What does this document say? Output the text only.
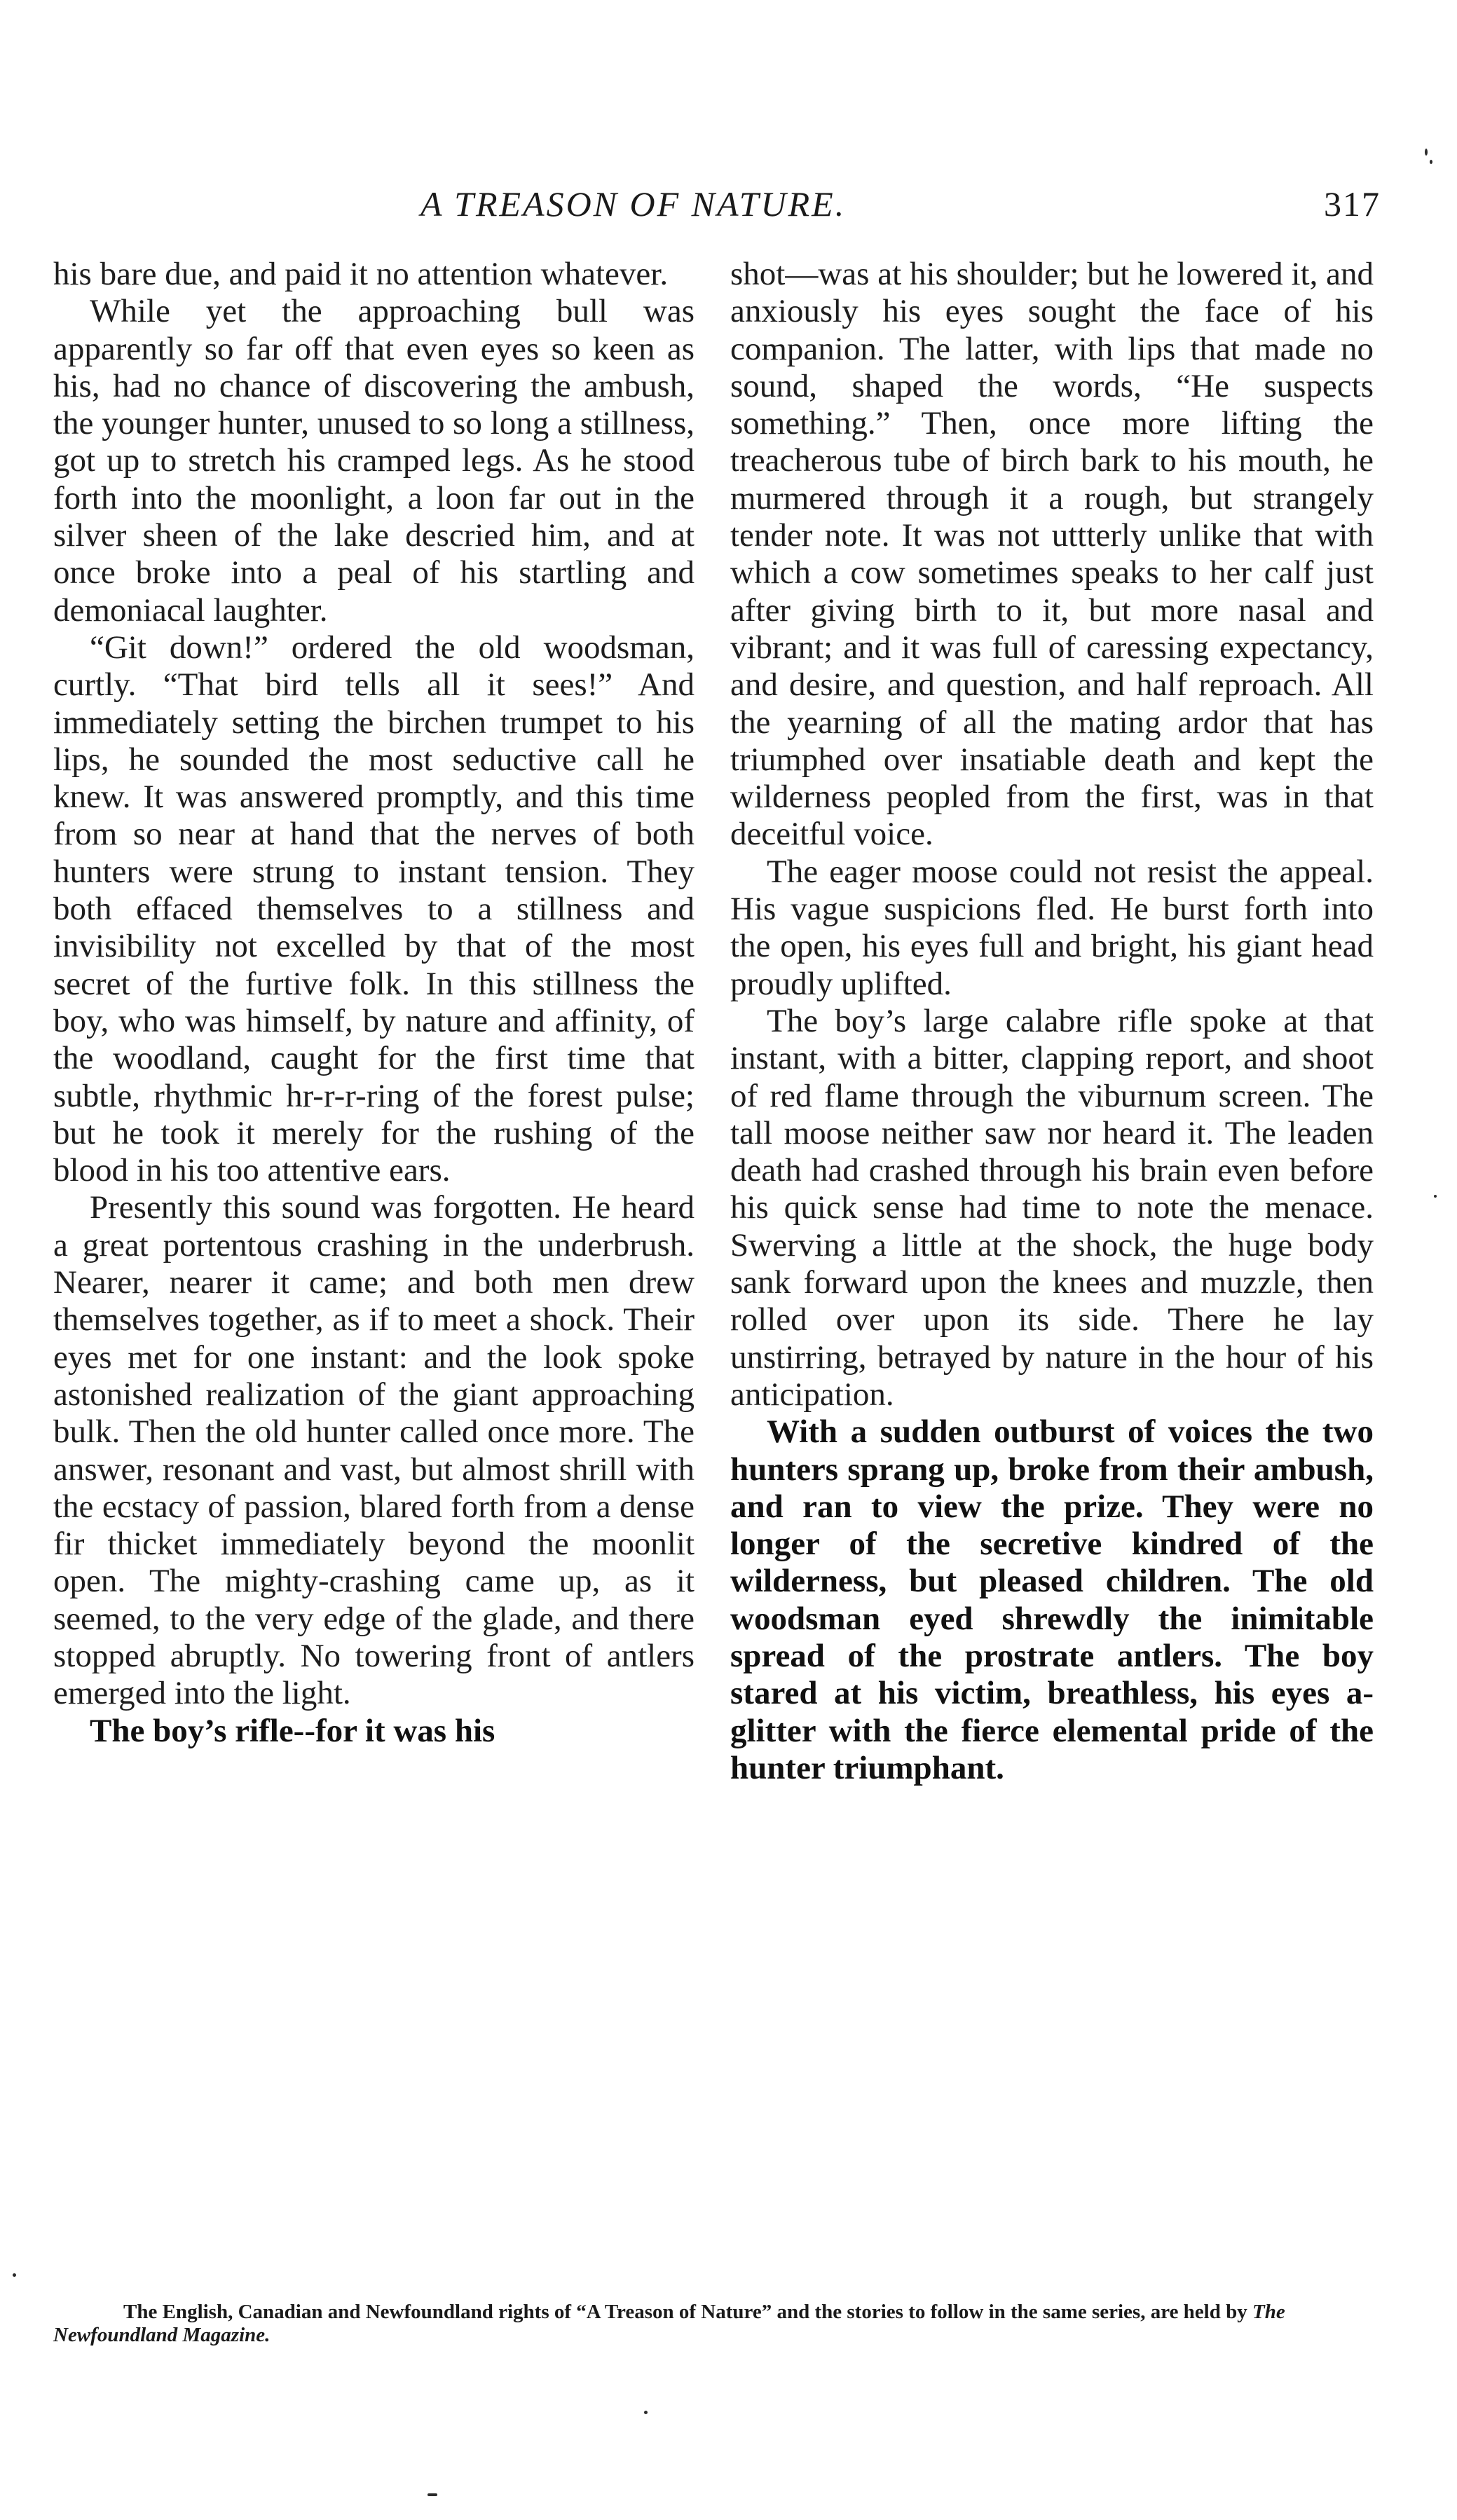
A TREASON OF NATURE.	317

his bare due, and paid it no attention whatever.

While yet the approaching bull was apparently so far off that even eyes so keen as his, had no chance of discovering the ambush, the younger hunter, unused to so long a stillness, got up to stretch his cramped legs. As he stood forth into the moonlight, a loon far out in the silver sheen of the lake descried him, and at once broke into a peal of his startling and demoniacal laughter.

“Git down!” ordered the old woodsman, curtly. “That bird tells all it sees!” And immediately setting the birchen trumpet to his lips, he sounded the most seductive call he knew. It was answered promptly, and this time from so near at hand that the nerves of both hunters were strung to instant tension. They both effaced themselves to a stillness and invisibility not excelled by that of the most secret of the furtive folk. In this stillness the boy, who was himself, by nature and affinity, of the woodland, caught for the first time that subtle, rhythmic hr-r-r-ring of the forest pulse; but he took it merely for the rushing of the blood in his too attentive ears.

Presently this sound was forgotten. He heard a great portentous crashing in the underbrush. Nearer, nearer it came; and both men drew themselves together, as if to meet a shock. Their eyes met for one instant: and the look spoke astonished realization of the giant approaching bulk. Then the old hunter called once more. The answer, resonant and vast, but almost shrill with the ecstacy of passion, blared forth from a dense fir thicket immediately beyond the moonlit open. The mighty-crashing came up, as it seemed, to the very edge of the glade, and there stopped abruptly. No towering front of antlers emerged into the light.

The boy’s rifle--for it was his

shot—was at his shoulder; but he lowered it, and anxiously his eyes sought the face of his companion. The latter, with lips that made no sound, shaped the words, “He suspects something.” Then, once more lifting the treacherous tube of birch bark to his mouth, he murmered through it a rough, but strangely tender note. It was not uttterly unlike that with which a cow sometimes speaks to her calf just after giving birth to it, but more nasal and vibrant; and it was full of caressing expectancy, and desire, and question, and half reproach. All the yearning of all the mating ardor that has triumphed over insatiable death and kept the wilderness peopled from the first, was in that deceitful voice.

The eager moose could not resist the appeal. His vague suspicions fled. He burst forth into the open, his eyes full and bright, his giant head proudly uplifted.

The boy’s large calabre rifle spoke at that instant, with a bitter, clapping report, and shoot of red flame through the viburnum screen. The tall moose neither saw nor heard it. The leaden death had crashed through his brain even before his quick sense had time to note the menace. Swerving a little at the shock, the huge body sank forward upon the knees and muzzle, then rolled over upon its side. There he lay unstirring, betrayed by nature in the hour of his anticipation.

With a sudden outburst of voices the two hunters sprang up, broke from their ambush, and ran to view the prize. They were no longer of the secretive kindred of the wilderness, but pleased children. The old woodsman eyed shrewdly the inimitable spread of the prostrate antlers. The boy stared at his victim, breathless, his eyes a-glitter with the fierce elemental pride of the hunter triumphant.

The English, Canadian and Newfoundland rights of “A Treason of Nature” and the stories to follow in the same series, are held by The Newfoundland Magazine.
